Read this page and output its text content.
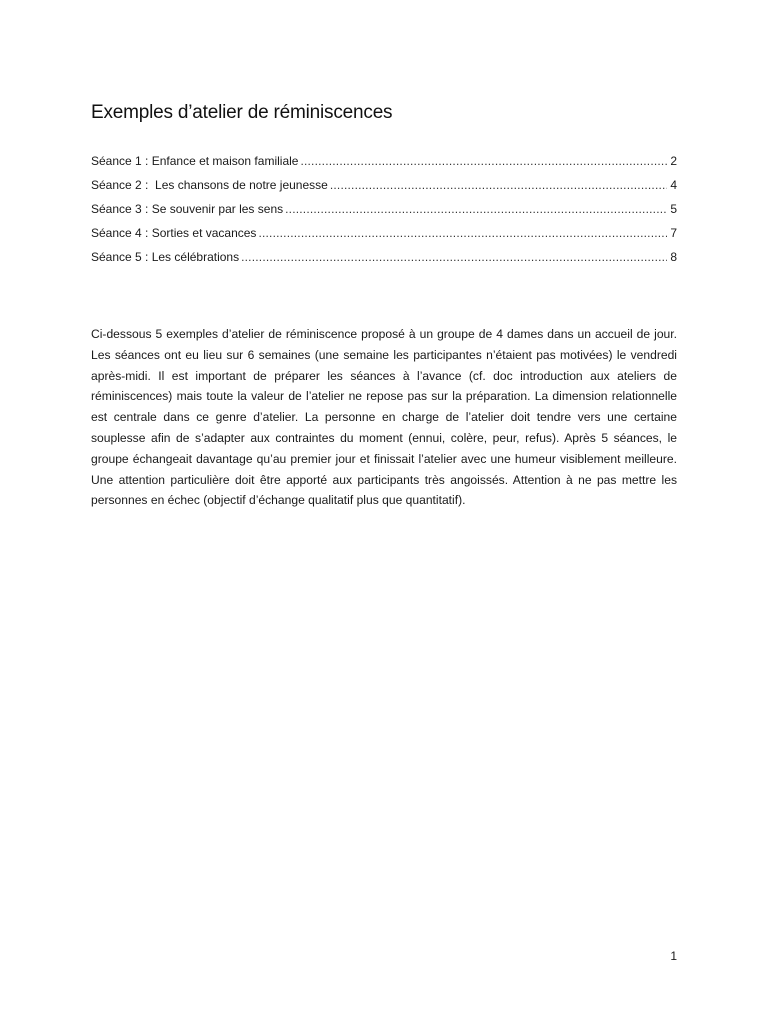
Exemples d’atelier de réminiscences
Séance 1 : Enfance et maison familiale .....	2
Séance 2 :  Les chansons de notre jeunesse .....	4
Séance 3 : Se souvenir par les sens .....	5
Séance 4 : Sorties et vacances .....	7
Séance 5 : Les célébrations .....	8

Ci-dessous 5 exemples d’atelier de réminiscence proposé à un groupe de 4 dames dans un accueil de jour. Les séances ont eu lieu sur 6 semaines (une semaine les participantes n’étaient pas motivées) le vendredi après-midi. Il est important de préparer les séances à l’avance (cf. doc introduction aux ateliers de réminiscences) mais toute la valeur de l’atelier ne repose pas sur la préparation. La dimension relationnelle est centrale dans ce genre d’atelier. La personne en charge de l’atelier doit tendre vers une certaine souplesse afin de s’adapter aux contraintes du moment (ennui, colère, peur, refus). Après 5 séances, le groupe échangeait davantage qu’au premier jour et finissait l’atelier avec une humeur visiblement meilleure. Une attention particulière doit être apporté aux participants très angoissés. Attention à ne pas mettre les personnes en échec (objectif d’échange qualitatif plus que quantitatif).

1
